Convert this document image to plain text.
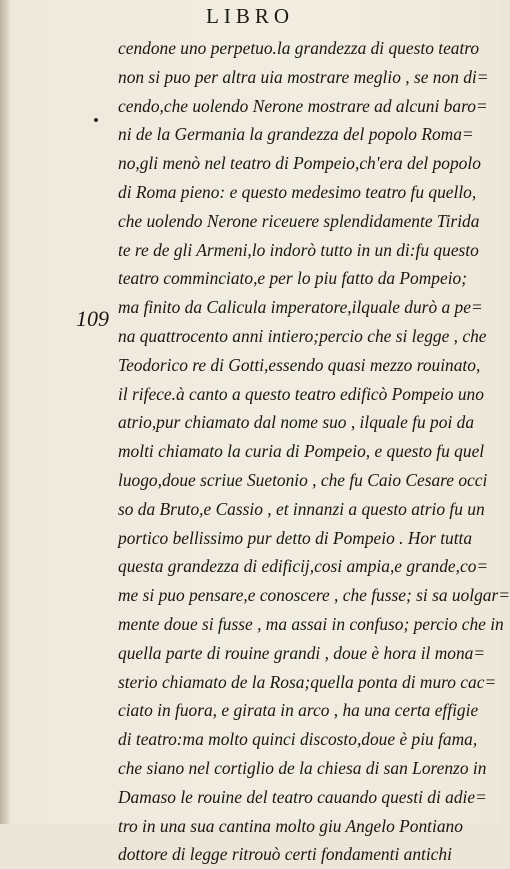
LIBRO
109
cendone uno perpetuo.la grandezza di questo teatro
non si puo per altra uia mostrare meglio , se non di=
cendo,che uolendo Nerone mostrare ad alcuni baro=
ni de la Germania la grandezza del popolo Roma=
no,gli menò nel teatro di Pompeio,ch'era del popolo
di Roma pieno: e questo medesimo teatro fu quello,
che uolendo Nerone riceuere splendidamente Tirida
te re de gli Armeni,lo indorò tutto in un di:fu questo
teatro comminciato,e per lo piu fatto da Pompeio;
ma finito da Calicula imperatore,ilquale durò a pe=
na quattrocento anni intiero;percio che si legge , che
Teodorico re di Gotti,essendo quasi mezzo rouinato,
il rifece.à canto a questo teatro edificò Pompeio uno
atrio,pur chiamato dal nome suo , ilquale fu poi da
molti chiamato la curia di Pompeio, e questo fu quel
luogo,doue scriue Suetonio , che fu Caio Cesare occi
so da Bruto,e Cassio , et innanzi a questo atrio fu un
portico bellissimo pur detto di Pompeio . Hor tutta
questa grandezza di edificij,cosi ampia,e grande,co=
me si puo pensare,e conoscere , che fusse; si sa uolgar=
mente doue si fusse , ma assai in confuso; percio che in
quella parte di rouine grandi , doue è hora il mona=
sterio chiamato de la Rosa;quella ponta di muro cac=
ciato in fuora, e girata in arco , ha una certa effigie
di teatro:ma molto quinci discosto,doue è piu fama,
che siano nel cortiglio de la chiesa di san Lorenzo in
Damaso le rouine del teatro cauando questi di adie=
tro in una sua cantina molto giu Angelo Pontiano
dottore di legge ritrouò certi fondamenti antichi
